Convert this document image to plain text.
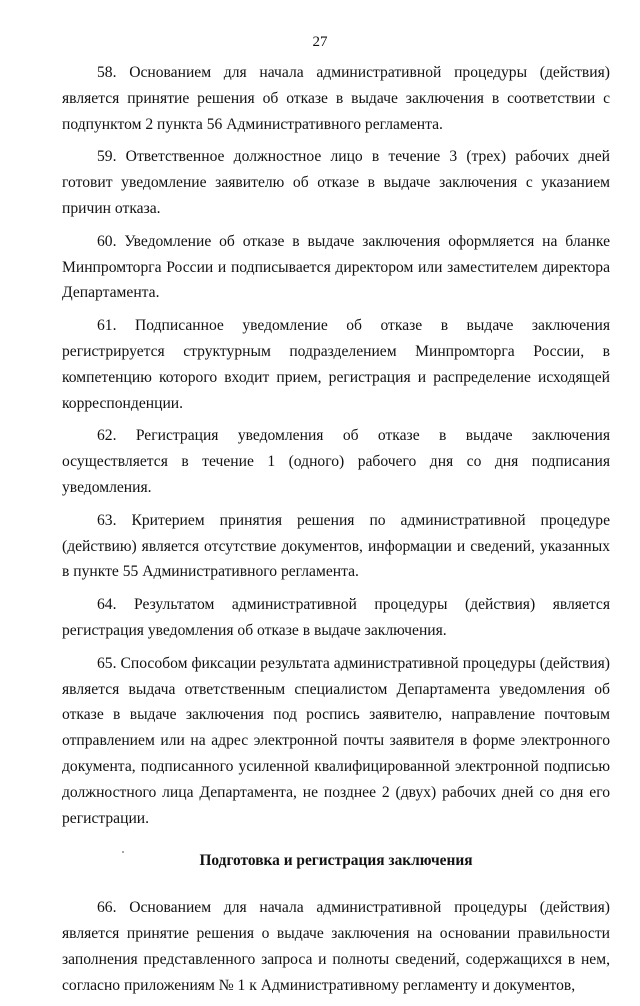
27

58. Основанием для начала административной процедуры (действия) является принятие решения об отказе в выдаче заключения в соответствии с подпунктом 2 пункта 56 Административного регламента.

59. Ответственное должностное лицо в течение 3 (трех) рабочих дней готовит уведомление заявителю об отказе в выдаче заключения с указанием причин отказа.

60. Уведомление об отказе в выдаче заключения оформляется на бланке Минпромторга России и подписывается директором или заместителем директора Департамента.

61. Подписанное уведомление об отказе в выдаче заключения регистрируется структурным подразделением Минпромторга России, в компетенцию которого входит прием, регистрация и распределение исходящей корреспонденции.

62. Регистрация уведомления об отказе в выдаче заключения осуществляется в течение 1 (одного) рабочего дня со дня подписания уведомления.

63. Критерием принятия решения по административной процедуре (действию) является отсутствие документов, информации и сведений, указанных в пункте 55 Административного регламента.

64. Результатом административной процедуры (действия) является регистрация уведомления об отказе в выдаче заключения.

65. Способом фиксации результата административной процедуры (действия) является выдача ответственным специалистом Департамента уведомления об отказе в выдаче заключения под роспись заявителю, направление почтовым отправлением или на адрес электронной почты заявителя в форме электронного документа, подписанного усиленной квалифицированной электронной подписью должностного лица Департамента, не позднее 2 (двух) рабочих дней со дня его регистрации.

Подготовка и регистрация заключения

66. Основанием для начала административной процедуры (действия) является принятие решения о выдаче заключения на основании правильности заполнения представленного запроса и полноты сведений, содержащихся в нем, согласно приложениям № 1 к Административному регламенту и документов,
